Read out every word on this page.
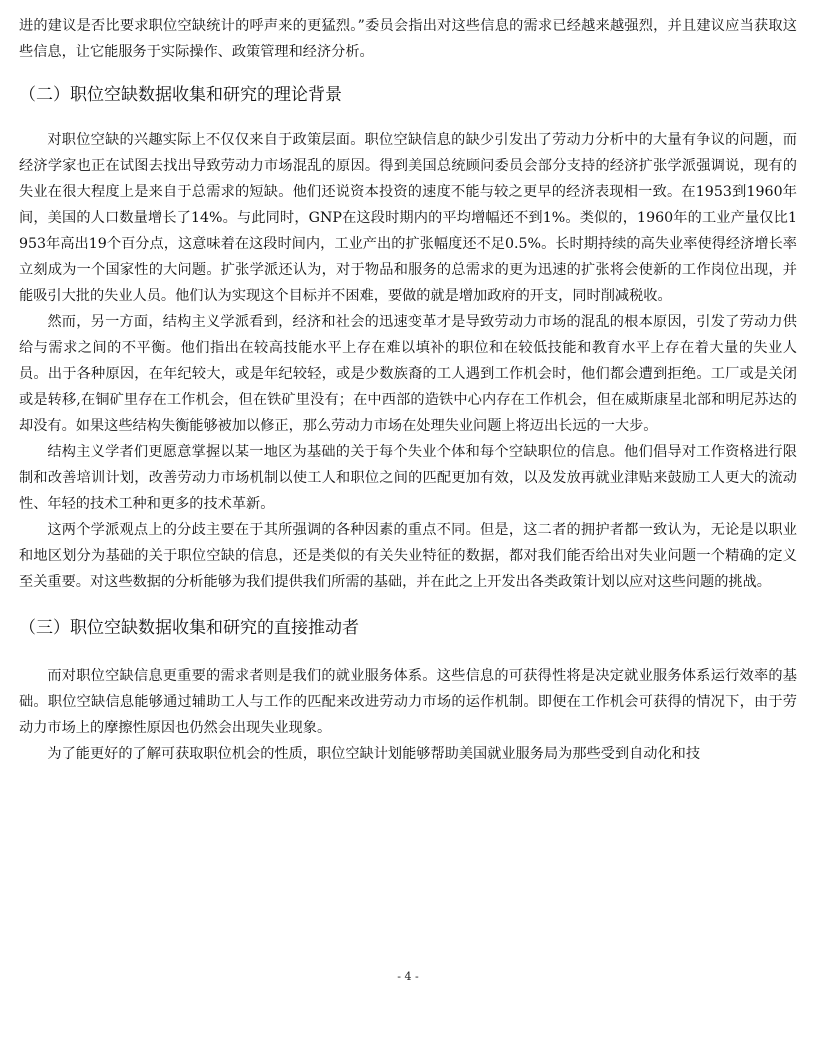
进的建议是否比要求职位空缺统计的呼声来的更猛烈。”委员会指出对这些信息的需求已经越来越强烈，并且建议应当获取这些信息，让它能服务于实际操作、政策管理和经济分析。

（二）职位空缺数据收集和研究的理论背景

对职位空缺的兴趣实际上不仅仅来自于政策层面。职位空缺信息的缺少引发出了劳动力分析中的大量有争议的问题，而经济学家也正在试图去找出导致劳动力市场混乱的原因。得到美国总统顾问委员会部分支持的经济扩张学派强调说，现有的失业在很大程度上是来自于总需求的短缺。他们还说资本投资的速度不能与较之更早的经济表现相一致。在1953到1960年间，美国的人口数量增长了14%。与此同时，GNP在这段时期内的平均增幅还不到1%。类似的，1960年的工业产量仅比1953年高出19个百分点，这意味着在这段时间内，工业产出的扩张幅度还不足0.5%。长时期持续的高失业率使得经济增长率立刻成为一个国家性的大问题。扩张学派还认为，对于物品和服务的总需求的更为迅速的扩张将会使新的工作岗位出现，并能吸引大批的失业人员。他们认为实现这个目标并不困难，要做的就是增加政府的开支，同时削减税收。

然而，另一方面，结构主义学派看到，经济和社会的迅速变革才是导致劳动力市场的混乱的根本原因，引发了劳动力供给与需求之间的不平衡。他们指出在较高技能水平上存在难以填补的职位和在较低技能和教育水平上存在着大量的失业人员。出于各种原因，在年纪较大，或是年纪较轻，或是少数族裔的工人遇到工作机会时，他们都会遭到拒绝。工厂或是关闭或是转移,在铜矿里存在工作机会，但在铁矿里没有；在中西部的造铁中心内存在工作机会，但在威斯康星北部和明尼苏达的却没有。如果这些结构失衡能够被加以修正，那么劳动力市场在处理失业问题上将迈出长远的一大步。

结构主义学者们更愿意掌握以某一地区为基础的关于每个失业个体和每个空缺职位的信息。他们倡导对工作资格进行限制和改善培训计划，改善劳动力市场机制以使工人和职位之间的匹配更加有效，以及发放再就业津贴来鼓励工人更大的流动性、年轻的技术工种和更多的技术革新。

这两个学派观点上的分歧主要在于其所强调的各种因素的重点不同。但是，这二者的拥护者都一致认为，无论是以职业和地区划分为基础的关于职位空缺的信息，还是类似的有关失业特征的数据，都对我们能否给出对失业问题一个精确的定义至关重要。对这些数据的分析能够为我们提供我们所需的基础，并在此之上开发出各类政策计划以应对这些问题的挑战。

（三）职位空缺数据收集和研究的直接推动者

而对职位空缺信息更重要的需求者则是我们的就业服务体系。这些信息的可获得性将是决定就业服务体系运行效率的基础。职位空缺信息能够通过辅助工人与工作的匹配来改进劳动力市场的运作机制。即便在工作机会可获得的情况下，由于劳动力市场上的摩擦性原因也仍然会出现失业现象。

为了能更好的了解可获取职位机会的性质，职位空缺计划能够帮助美国就业服务局为那些受到自动化和技

- 4 -
